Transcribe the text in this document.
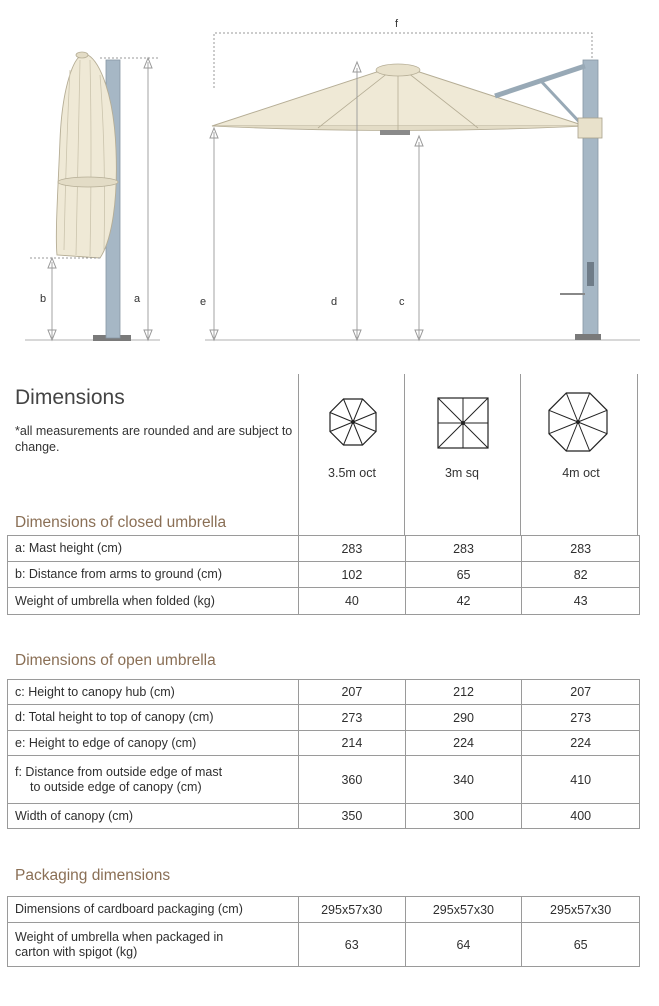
a
b
f
e	d	c
Dimensions
*all measurements are rounded and are subject to change.
3.5m oct	3m sq	4m oct
Dimensions of closed umbrella
a: Mast height (cm)	283	283	283
b: Distance from arms to ground (cm)	102	65	82
Weight of umbrella when folded (kg)	40	42	43
Dimensions of open umbrella
c: Height to canopy hub (cm)	207	212	207
d: Total height to top of canopy (cm)	273	290	273
e: Height to edge of canopy (cm)	214	224	224

f: Distance from outside edge of mast
to outside edge of canopy (cm)	360	340	410
Width of canopy (cm)	350	300	400
Packaging dimensions
Dimensions of cardboard packaging (cm)	295x57x30	295x57x30	295x57x30

Weight of umbrella when packaged in
carton with spigot (kg)	63	64	65
